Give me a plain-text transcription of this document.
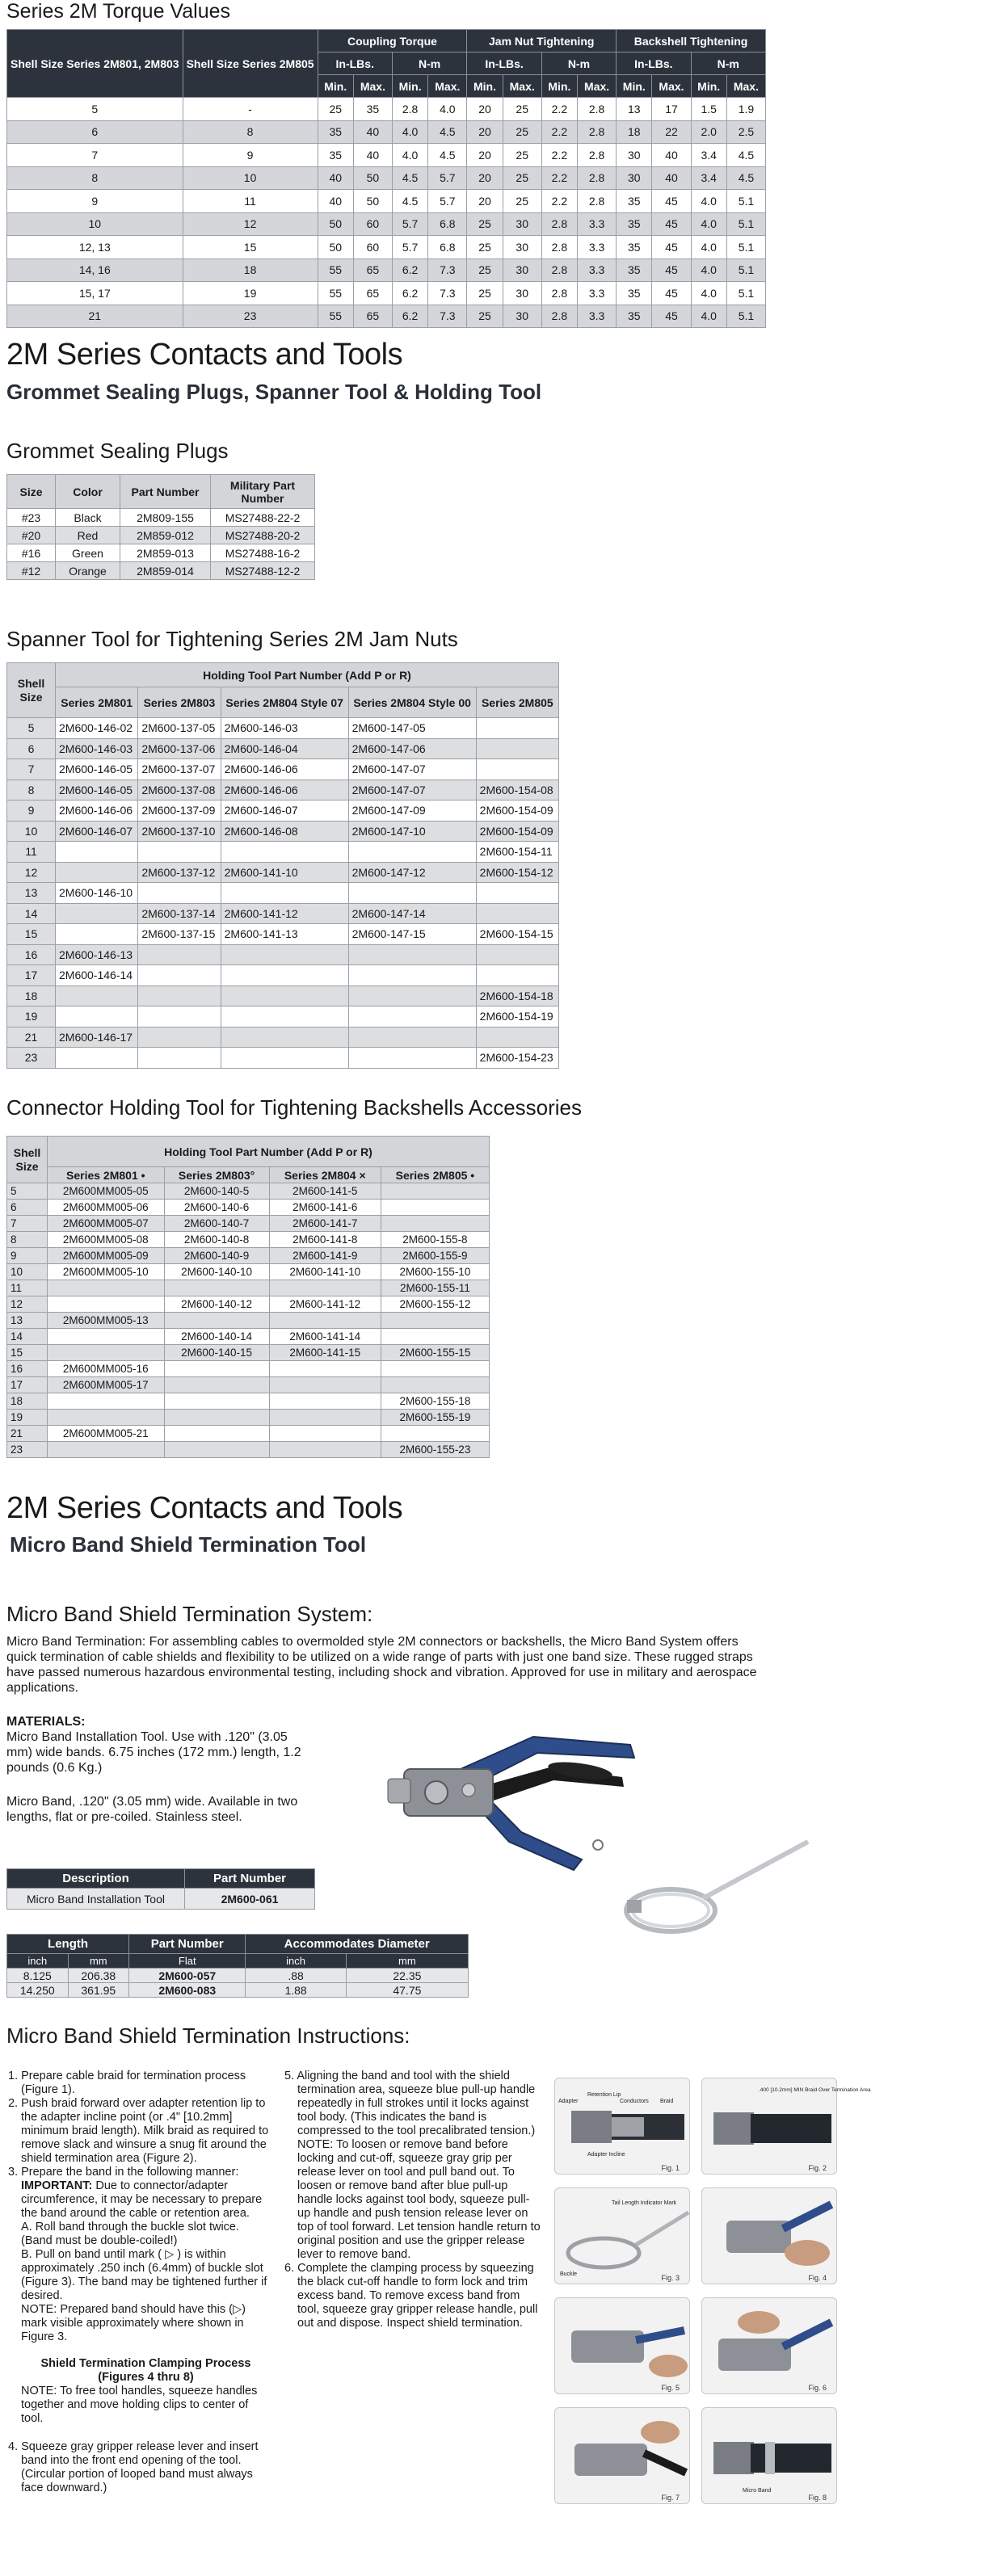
Series 2M Torque Values
Shell Size Series 2M801, 2M803	Shell Size Series 2M805	Coupling Torque				Jam Nut Tightening				Backshell Tightening			
		In-LBs.		N-m		In-LBs.		N-m		In-LBs.		N-m	
		Min.	Max.	Min.	Max.	Min.	Max.	Min.	Max.	Min.	Max.	Min.	Max.
5	-	25	35	2.8	4.0	20	25	2.2	2.8	13	17	1.5	1.9
6	8	35	40	4.0	4.5	20	25	2.2	2.8	18	22	2.0	2.5
7	9	35	40	4.0	4.5	20	25	2.2	2.8	30	40	3.4	4.5
8	10	40	50	4.5	5.7	20	25	2.2	2.8	30	40	3.4	4.5
9	11	40	50	4.5	5.7	20	25	2.2	2.8	35	45	4.0	5.1
10	12	50	60	5.7	6.8	25	30	2.8	3.3	35	45	4.0	5.1
12, 13	15	50	60	5.7	6.8	25	30	2.8	3.3	35	45	4.0	5.1
14, 16	18	55	65	6.2	7.3	25	30	2.8	3.3	35	45	4.0	5.1
15, 17	19	55	65	6.2	7.3	25	30	2.8	3.3	35	45	4.0	5.1
21	23	55	65	6.2	7.3	25	30	2.8	3.3	35	45	4.0	5.1
2M Series Contacts and Tools
Grommet Sealing Plugs, Spanner Tool & Holding Tool
Grommet Sealing Plugs
Size	Color	Part Number	Military Part Number
#23	Black	2M809-155	MS27488-22-2
#20	Red	2M859-012	MS27488-20-2
#16	Green	2M859-013	MS27488-16-2
#12	Orange	2M859-014	MS27488-12-2
Spanner Tool for Tightening Series 2M Jam Nuts
Shell Size	Holding Tool Part Number (Add P or R)				
	Series 2M801	Series 2M803	Series 2M804 Style 07	Series 2M804 Style 00	Series 2M805
5	2M600-146-02	2M600-137-05	2M600-146-03	2M600-147-05	
6	2M600-146-03	2M600-137-06	2M600-146-04	2M600-147-06	
7	2M600-146-05	2M600-137-07	2M600-146-06	2M600-147-07	
8	2M600-146-05	2M600-137-08	2M600-146-06	2M600-147-07	2M600-154-08
9	2M600-146-06	2M600-137-09	2M600-146-07	2M600-147-09	2M600-154-09
10	2M600-146-07	2M600-137-10	2M600-146-08	2M600-147-10	2M600-154-09
11					2M600-154-11
12		2M600-137-12	2M600-141-10	2M600-147-12	2M600-154-12
13	2M600-146-10				
14		2M600-137-14	2M600-141-12	2M600-147-14	
15		2M600-137-15	2M600-141-13	2M600-147-15	2M600-154-15
16	2M600-146-13				
17	2M600-146-14				
18					2M600-154-18
19					2M600-154-19
21	2M600-146-17				
23					2M600-154-23
Connector Holding Tool for Tightening Backshells Accessories
Shell Size	Holding Tool Part Number (Add P or R)			
	Series 2M801 •	Series 2M803°	Series 2M804 ×	Series 2M805 •
5	2M600MM005-05	2M600-140-5	2M600-141-5	
6	2M600MM005-06	2M600-140-6	2M600-141-6	
7	2M600MM005-07	2M600-140-7	2M600-141-7	
8	2M600MM005-08	2M600-140-8	2M600-141-8	2M600-155-8
9	2M600MM005-09	2M600-140-9	2M600-141-9	2M600-155-9
10	2M600MM005-10	2M600-140-10	2M600-141-10	2M600-155-10
11				2M600-155-11
12		2M600-140-12	2M600-141-12	2M600-155-12
13	2M600MM005-13			
14		2M600-140-14	2M600-141-14	
15		2M600-140-15	2M600-141-15	2M600-155-15
16	2M600MM005-16			
17	2M600MM005-17			
18				2M600-155-18
19				2M600-155-19
21	2M600MM005-21			
23				2M600-155-23
2M Series Contacts and Tools
Micro Band Shield Termination Tool
Micro Band Shield Termination System:
Micro Band Termination: For assembling cables to overmolded style 2M connectors or backshells, the Micro Band System offers quick termination of cable shields and flexibility to be utilized on a wide range of parts with just one band size. These rugged straps have passed numerous hazardous environmental testing, including shock and vibration. Approved for use in military and aerospace applications.
MATERIALS:
Micro Band Installation Tool. Use with .120" (3.05 mm) wide bands. 6.75 inches (172 mm.) length, 1.2 pounds (0.6 Kg.)
Micro Band, .120" (3.05 mm) wide. Available in two lengths, flat or pre-coiled. Stainless steel.
Description	Part Number
Micro Band Installation Tool	2M600-061
Length		Part Number	Accommodates Diameter	
inch	mm	Flat	inch	mm
8.125	206.38	2M600-057	.88	22.35
14.250	361.95	2M600-083	1.88	47.75
Micro Band Shield Termination Instructions:

1. Prepare cable braid for termination process (Figure 1).

2. Push braid forward over adapter retention lip to the adapter incline point (or .4" [10.2mm] minimum braid length). Milk braid as required to remove slack and winsure a snug fit around the shield termination area (Figure 2).

3. Prepare the band in the following manner:

IMPORTANT: Due to connector/adapter circumference, it may be necessary to prepare the band around the cable or retention area.

A. Roll band through the buckle slot twice. (Band must be double-coiled!)

B. Pull on band until mark ( ▷ ) is within approximately .250 inch (6.4mm) of buckle slot (Figure 3). The band may be tightened further if desired.

NOTE: Prepared band should have this (▷) mark visible approximately where shown in Figure 3.

Shield Termination Clamping Process (Figures 4 thru 8)

NOTE: To free tool handles, squeeze handles together and move holding clips to center of tool.

4. Squeeze gray gripper release lever and insert band into the front end opening of the tool. (Circular portion of looped band must always face downward.)

5. Aligning the band and tool with the shield termination area, squeeze blue pull-up handle repeatedly in full strokes until it locks against tool body. (This indicates the band is compressed to the tool precalibrated tension.)

NOTE: To loosen or remove band before locking and cut-off, squeeze gray grip per release lever on tool and pull band out. To loosen or remove band after blue pull-up handle locks against tool body, squeeze pull-up handle and push tension release lever on top of tool forward. Let tension handle return to original position and use the gripper release lever to remove band.

6. Complete the clamping process by squeezing the black cut-off handle to form lock and trim excess band. To remove excess band from tool, squeeze gray gripper release handle, pull out and dispose. Inspect shield termination.

Retention Lip
Adapter	Conductors Braid
Adapter Incline
Fig. 1
.400 [10.2mm] MIN Braid Over Termination Area
Fig. 2
Tail Length Indicator Mark
Buckle	Fig. 3	Fig. 4
Fig. 5	Fig. 6
Fig. 7
Micro Band
Fig. 8
